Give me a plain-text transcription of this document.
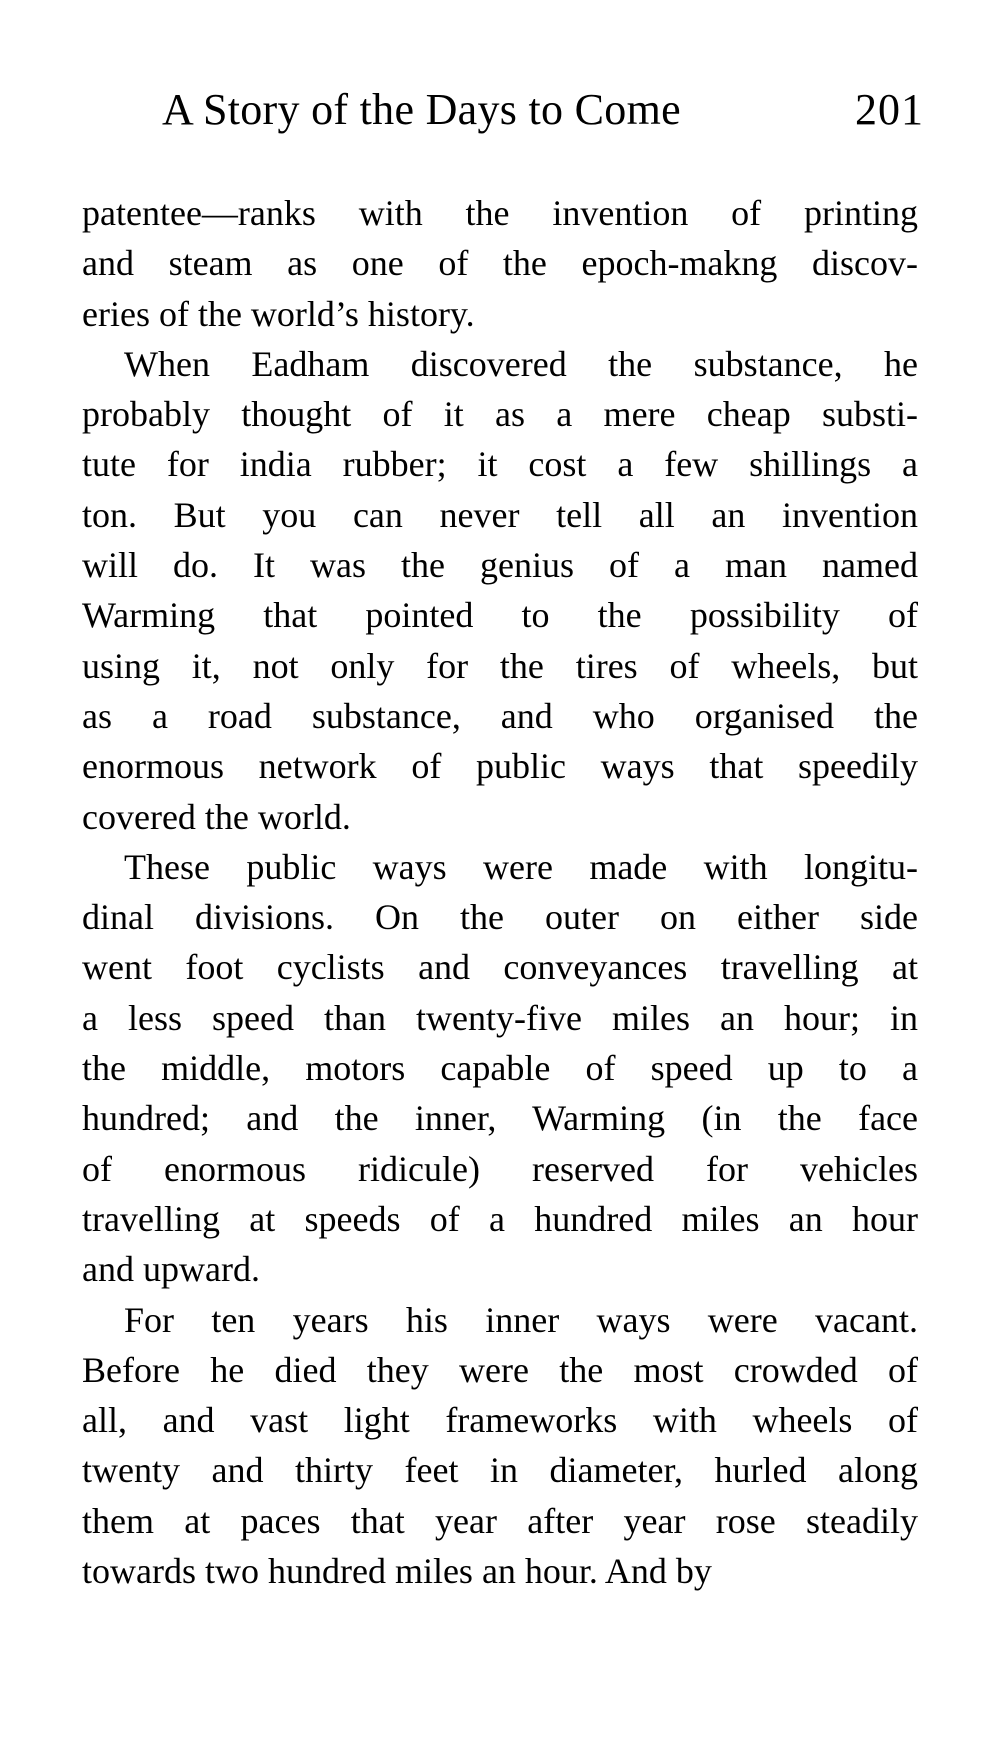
A Story of the Days to Come	201
patentee—ranks with the invention of printing
and steam as one of the epoch-makng discov-
eries of the world’s history.
When Eadham discovered the substance, he
probably thought of it as a mere cheap substi-
tute for india rubber; it cost a few shillings a
ton. But you can never tell all an invention
will do. It was the genius of a man named
Warming that pointed to the possibility of
using it, not only for the tires of wheels, but
as a road substance, and who organised the
enormous network of public ways that speedily
covered the world.
These public ways were made with longitu-
dinal divisions. On the outer on either side
went foot cyclists and conveyances travelling at
a less speed than twenty-five miles an hour; in
the middle, motors capable of speed up to a
hundred; and the inner, Warming (in the face
of enormous ridicule) reserved for vehicles
travelling at speeds of a hundred miles an hour
and upward.
For ten years his inner ways were vacant.
Before he died they were the most crowded of
all, and vast light frameworks with wheels of
twenty and thirty feet in diameter, hurled along
them at paces that year after year rose steadily
towards two hundred miles an hour. And by
